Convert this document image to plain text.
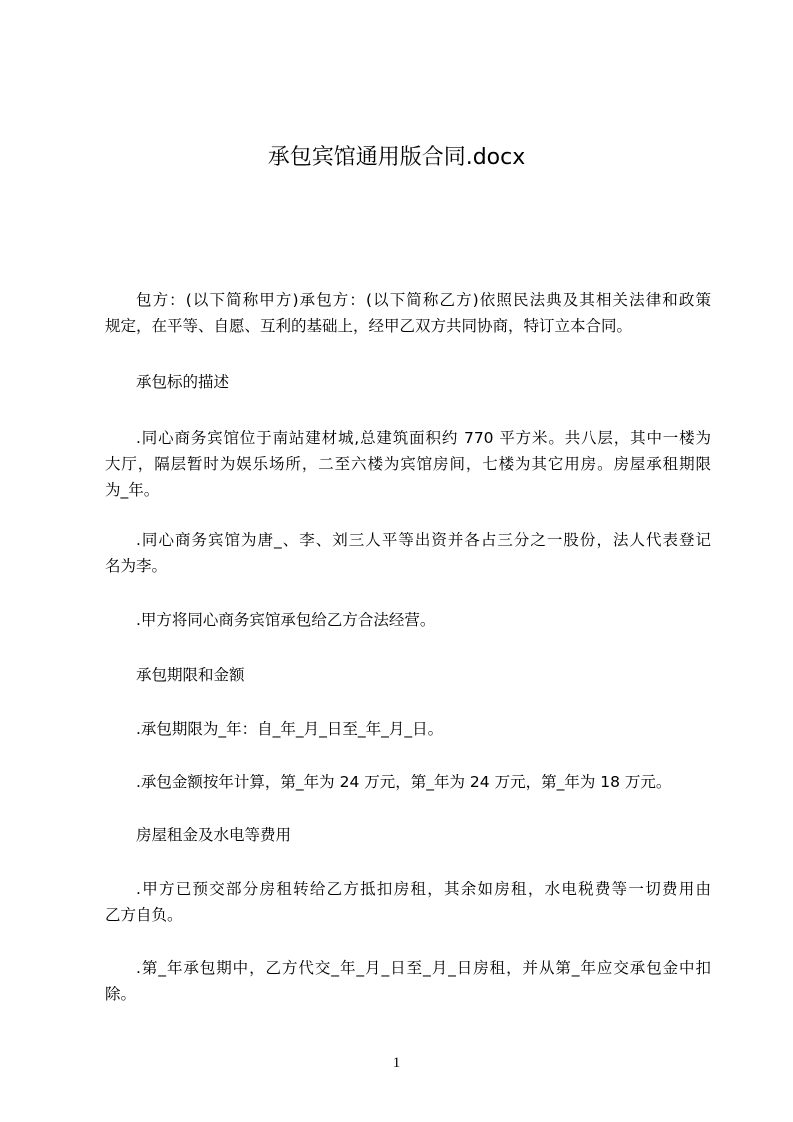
承包宾馆通用版合同.docx
包方：(以下简称甲方)承包方：(以下简称乙方)依照民法典及其相关法律和政策
规定，在平等、自愿、互利的基础上，经甲乙双方共同协商，特订立本合同。
承包标的描述
.同心商务宾馆位于南站建材城,总建筑面积约 770 平方米。共八层，其中一楼为
大厅，隔层暂时为娱乐场所，二至六楼为宾馆房间，七楼为其它用房。房屋承租期限
为_年。
.同心商务宾馆为唐_、李、刘三人平等出资并各占三分之一股份，法人代表登记
名为李。
.甲方将同心商务宾馆承包给乙方合法经营。
承包期限和金额
.承包期限为_年：自_年_月_日至_年_月_日。
.承包金额按年计算，第_年为 24 万元，第_年为 24 万元，第_年为 18 万元。
房屋租金及水电等费用
.甲方已预交部分房租转给乙方抵扣房租，其余如房租，水电税费等一切费用由
乙方自负。
.第_年承包期中，乙方代交_年_月_日至_月_日房租，并从第_年应交承包金中扣
除。
1
